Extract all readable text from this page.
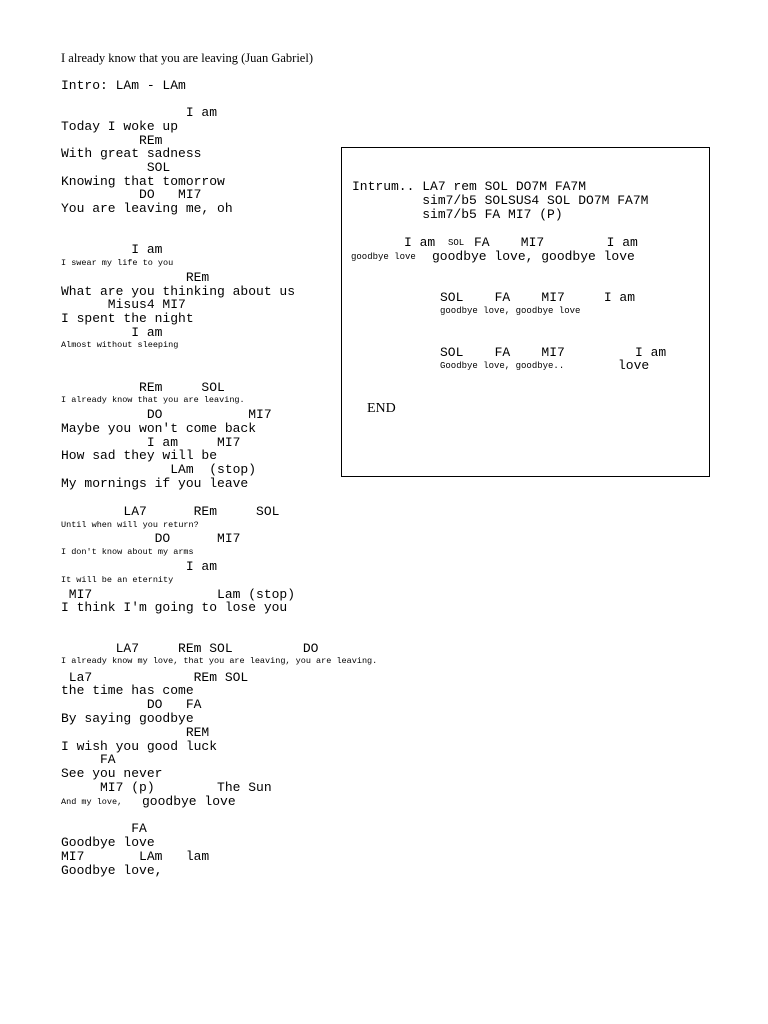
I already know that you are leaving (Juan Gabriel)
Intro: LAm - LAm

I am

Today I woke up

REm

With great sadness

SOL

Knowing that tomorrow

DO   MI7

You are leaving me, oh

I am

I swear my life to you

REm

What are you thinking about us

Misus4 MI7

I spent the night

I am

Almost without sleeping

REm     SOL

I already know that you are leaving.

DO           MI7

Maybe you won't come back

I am     MI7

How sad they will be

LAm  (stop)

My mornings if you leave

LA7      REm     SOL

Until when will you return?

DO      MI7

I don't know about my arms

I am

It will be an eternity

MI7                Lam (stop)

I think I'm going to lose you

LA7     REm SOL         DO

I already know my love, that you are leaving, you are leaving.

La7             REm SOL

the time has come

DO   FA

By saying goodbye

REM

I wish you good luck

FA

See you never

MI7 (p)        The Sun

And my love, goodbye love

FA

Goodbye love

MI7       LAm   lam

Goodbye love,

Intrum.. LA7 rem SOL DO7M FA7M

sim7/b5 SOLSUS4 SOL DO7M FA7M

sim7/b5 FA MI7 (P)

I am SOL FA    MI7        I am

goodbye love goodbye love, goodbye love

SOL    FA    MI7     I am

goodbye love, goodbye love

SOL    FA    MI7         I am

Goodbye love, goodbye..	love

END
